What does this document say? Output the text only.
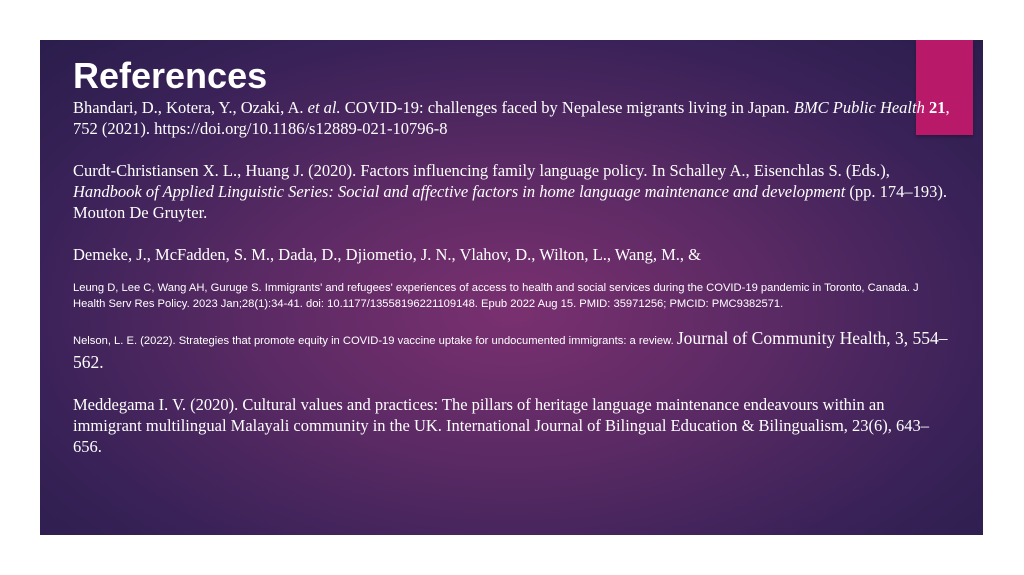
References

Bhandari, D., Kotera, Y., Ozaki, A. et al. COVID-19: challenges faced by Nepalese migrants living in Japan. BMC Public Health 21, 752 (2021). https://doi.org/10.1186/s12889-021-10796-8

Curdt-Christiansen X. L., Huang J. (2020). Factors influencing family language policy. In Schalley A., Eisenchlas S. (Eds.), Handbook of Applied Linguistic Series: Social and affective factors in home language maintenance and development (pp. 174–193). Mouton De Gruyter.

Demeke, J., McFadden, S. M., Dada, D., Djiometio, J. N., Vlahov, D., Wilton, L., Wang, M., &

Leung D, Lee C, Wang AH, Guruge S. Immigrants' and refugees' experiences of access to health and social services during the COVID-19 pandemic in Toronto, Canada. J Health Serv Res Policy. 2023 Jan;28(1):34-41. doi: 10.1177/13558196221109148. Epub 2022 Aug 15. PMID: 35971256; PMCID: PMC9382571.

Nelson, L. E. (2022). Strategies that promote equity in COVID-19 vaccine uptake for undocumented immigrants: a review. Journal of Community Health, 3, 554–562.

Meddegama I. V. (2020). Cultural values and practices: The pillars of heritage language maintenance endeavours within an immigrant multilingual Malayali community in the UK. International Journal of Bilingual Education & Bilingualism, 23(6), 643–656.
